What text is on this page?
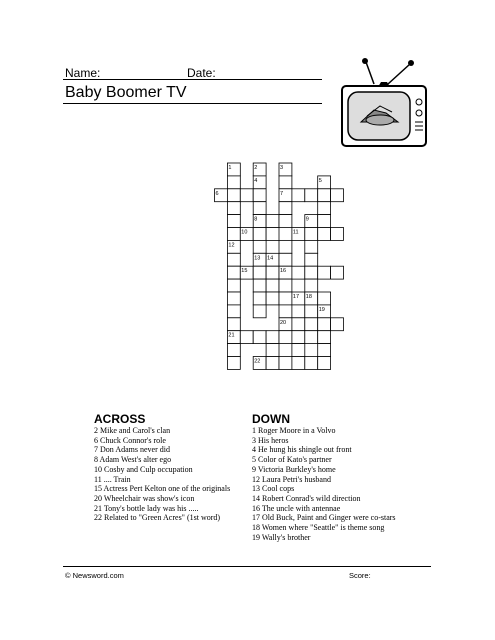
Name:	Date:
Baby Boomer TV
1	2	3
4	5
6	7
8	9
10	11
12
13 14
15	16
17 18
19
20
21
22
ACROSS
2 Mike and Carol's clan
6 Chuck Connor's role
7 Don Adams never did
8 Adam West's alter ego
10 Cosby and Culp occupation
11 .... Train
15 Actress Pert Kelton one of the originals
20 Wheelchair was show's icon
21 Tony's bottle lady was his .....
22 Related to "Green Acres" (1st word)
DOWN
1 Roger Moore in a Volvo
3 His heros
4 He hung his shingle out front
5 Color of Kato's partner
9 Victoria Burkley's home
12 Laura Petri's husband
13 Cool cops
14 Robert Conrad's wild direction
16 The uncle with antennae
17 Old Buck, Paint and Ginger were co-stars
18 Women where "Seattle" is theme song
19 Wally's brother
© Newsword.com	Score:
